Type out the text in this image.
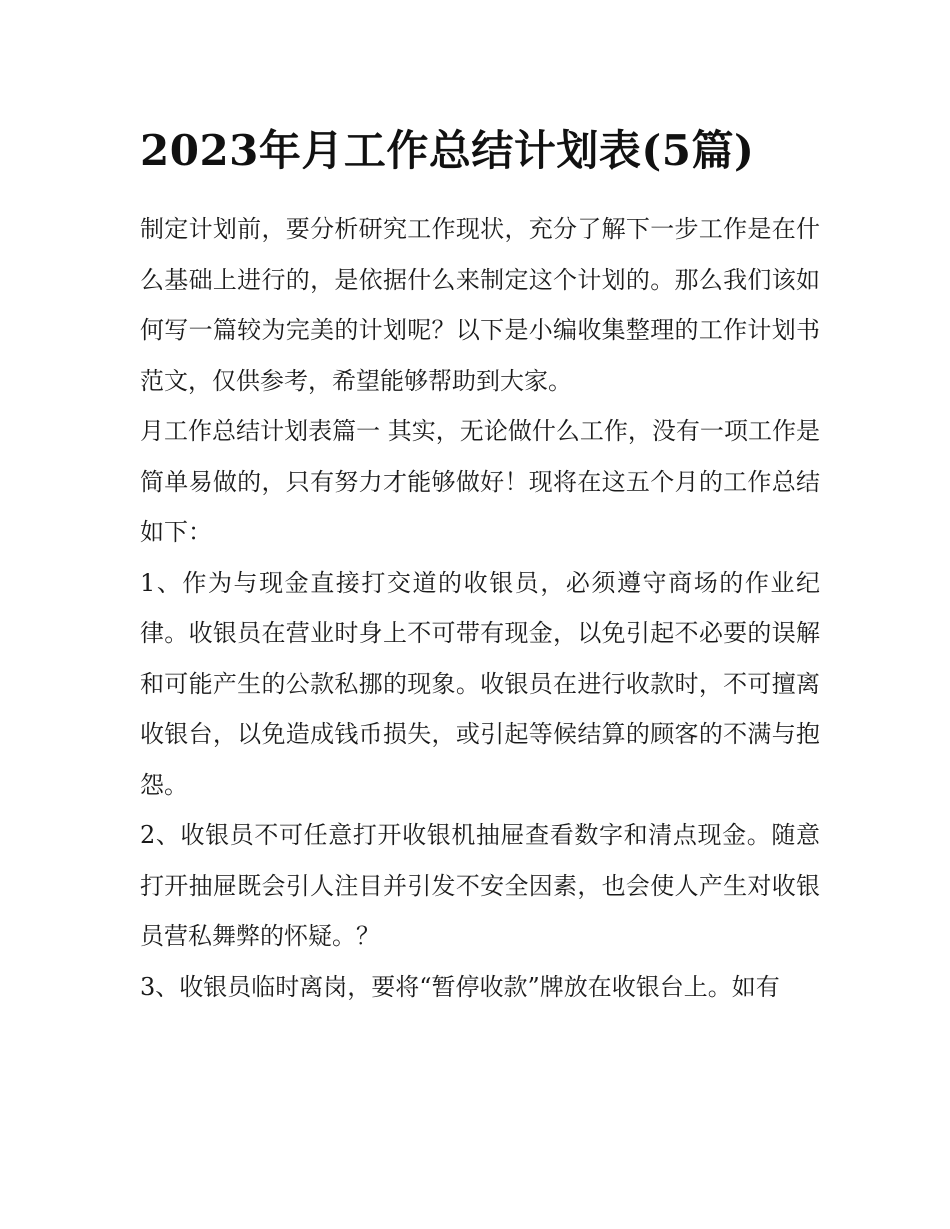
2023年月工作总结计划表(5篇)

制定计划前，要分析研究工作现状，充分了解下一步工作是在什么基础上进行的，是依据什么来制定这个计划的。那么我们该如何写一篇较为完美的计划呢？以下是小编收集整理的工作计划书范文，仅供参考，希望能够帮助到大家。

月工作总结计划表篇一 其实，无论做什么工作，没有一项工作是简单易做的，只有努力才能够做好！现将在这五个月的工作总结如下：

1、作为与现金直接打交道的收银员，必须遵守商场的作业纪律。收银员在营业时身上不可带有现金，以免引起不必要的误解和可能产生的公款私挪的现象。收银员在进行收款时，不可擅离收银台，以免造成钱币损失，或引起等候结算的顾客的不满与抱怨。

2、收银员不可任意打开收银机抽屉查看数字和清点现金。随意打开抽屉既会引人注目并引发不安全因素，也会使人产生对收银员营私舞弊的怀疑。？

3、收银员临时离岗，要将“暂停收款”牌放在收银台上。如有
